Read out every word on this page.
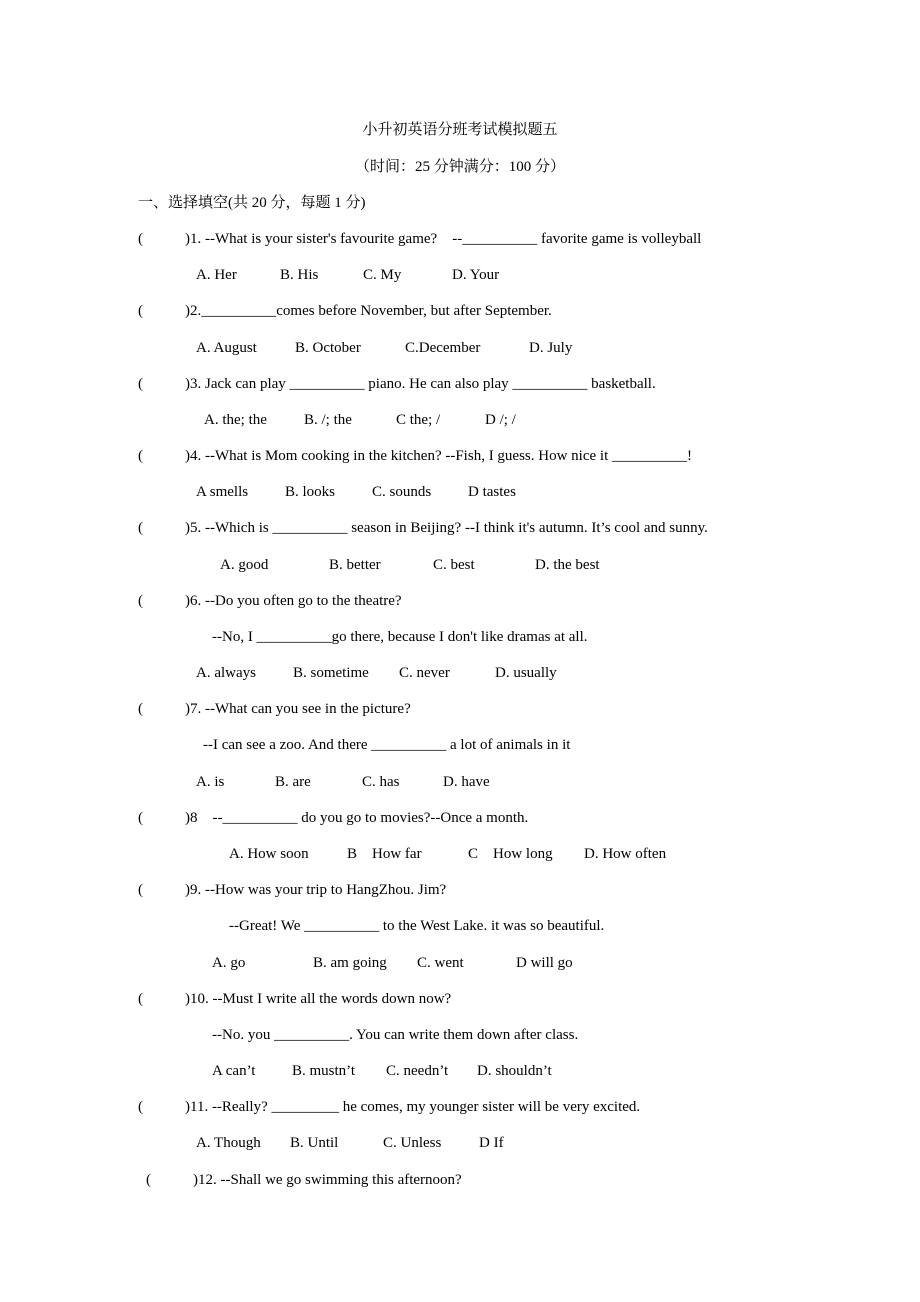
小升初英语分班考试模拟题五
（时间：25 分钟满分：100 分）
一、选择填空(共 20 分，每题 1 分)
(	)1. --What is your sister's favourite game?    --__________ favorite game is volleyball
A. Her	B. His	C. My	D. Your
(	)2.__________comes before November, but after September.
A. August	B. October	C.December	D. July
(	)3. Jack can play __________ piano. He can also play __________ basketball.
A. the; the B. /; the	C the; /	D /; /
(	)4. --What is Mom cooking in the kitchen? --Fish, I guess. How nice it __________!
A smells B. looks C. sounds D tastes
(	)5. --Which is __________ season in Beijing? --I think it's autumn. It’s cool and sunny.
A. good	B. better	C. best	D. the best
(	)6. --Do you often go to the theatre?
--No, I __________go there, because I don't like dramas at all.
A. always B. sometime C. never	D. usually
(	)7. --What can you see in the picture?
--I can see a zoo. And there __________ a lot of animals in it
A. is	B. are	C. has	D. have
(	)8    --__________ do you go to movies?--Once a month.
A. How soon	B    How far	C    How long D. How often
(	)9. --How was your trip to HangZhou. Jim?
--Great! We __________ to the West Lake. it was so beautiful.
A. go	B. am going C. went	D will go
(	)10. --Must I write all the words down now?
--No. you __________. You can write them down after class.
A can’t B. mustn’t C. needn’t D. shouldn’t
(	)11. --Really? _________ he comes, my younger sister will be very excited.
A. Though B. Until	C. Unless	D If
(	)12. --Shall we go swimming this afternoon?
